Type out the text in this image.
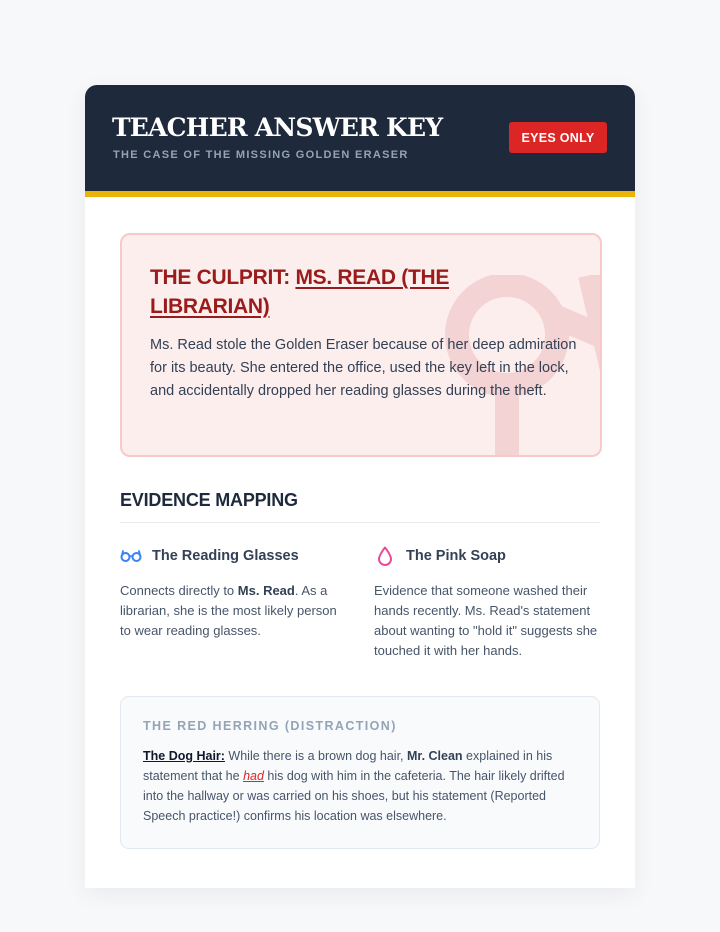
TEACHER ANSWER KEY
THE CASE OF THE MISSING GOLDEN ERASER
EYES ONLY
THE CULPRIT: MS. READ (THE LIBRARIAN)
Ms. Read stole the Golden Eraser because of her deep admiration for its beauty. She entered the office, used the key left in the lock, and accidentally dropped her reading glasses during the theft.
EVIDENCE MAPPING
The Reading Glasses
Connects directly to Ms. Read. As a librarian, she is the most likely person to wear reading glasses.
The Pink Soap
Evidence that someone washed their hands recently. Ms. Read's statement about wanting to "hold it" suggests she touched it with her hands.
THE RED HERRING (DISTRACTION)
The Dog Hair: While there is a brown dog hair, Mr. Clean explained in his statement that he had his dog with him in the cafeteria. The hair likely drifted into the hallway or was carried on his shoes, but his statement (Reported Speech practice!) confirms his location was elsewhere.
